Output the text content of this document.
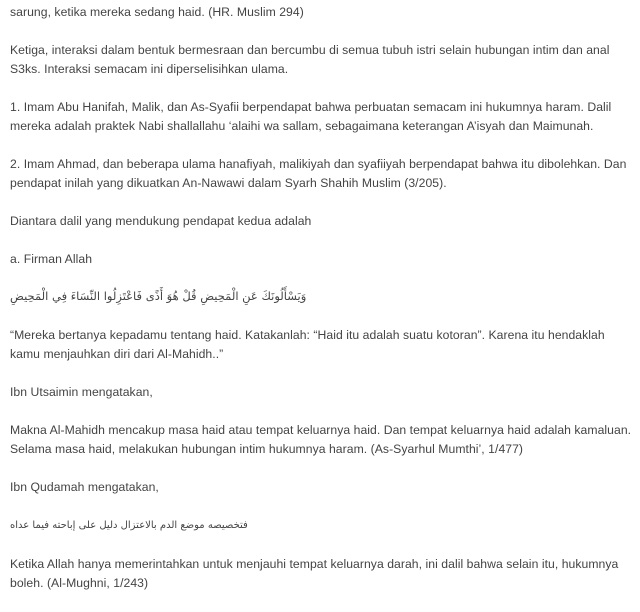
sarung, ketika mereka sedang haid. (HR. Muslim 294)
Ketiga, interaksi dalam bentuk bermesraan dan bercumbu di semua tubuh istri selain hubungan intim dan anal S3ks. Interaksi semacam ini diperselisihkan ulama.
1. Imam Abu Hanifah, Malik, dan As-Syafii berpendapat bahwa perbuatan semacam ini hukumnya haram. Dalil mereka adalah praktek Nabi shallallahu ‘alaihi wa sallam, sebagaimana keterangan A’isyah dan Maimunah.
2. Imam Ahmad, dan beberapa ulama hanafiyah, malikiyah dan syafiiyah berpendapat bahwa itu dibolehkan. Dan pendapat inilah yang dikuatkan An-Nawawi dalam Syarh Shahih Muslim (3/205).
Diantara dalil yang mendukung pendapat kedua adalah
a. Firman Allah
وَيَسْأَلُونَكَ عَنِ الْمَحِيضِ قُلْ هُوَ أَذًى فَاعْتَزِلُوا النِّسَاءَ فِي الْمَحِيضِ
“Mereka bertanya kepadamu tentang haid. Katakanlah: “Haid itu adalah suatu kotoran”. Karena itu hendaklah kamu menjauhkan diri dari Al-Mahidh..”
Ibn Utsaimin mengatakan,
Makna Al-Mahidh mencakup masa haid atau tempat keluarnya haid. Dan tempat keluarnya haid adalah kamaluan. Selama masa haid, melakukan hubungan intim hukumnya haram. (As-Syarhul Mumthi’, 1/477)
Ibn Qudamah mengatakan,
فتخصيصه موضع الدم بالاعتزال دليل على إباحته فيما عداه
Ketika Allah hanya memerintahkan untuk menjauhi tempat keluarnya darah, ini dalil bahwa selain itu, hukumnya boleh. (Al-Mughni, 1/243)
